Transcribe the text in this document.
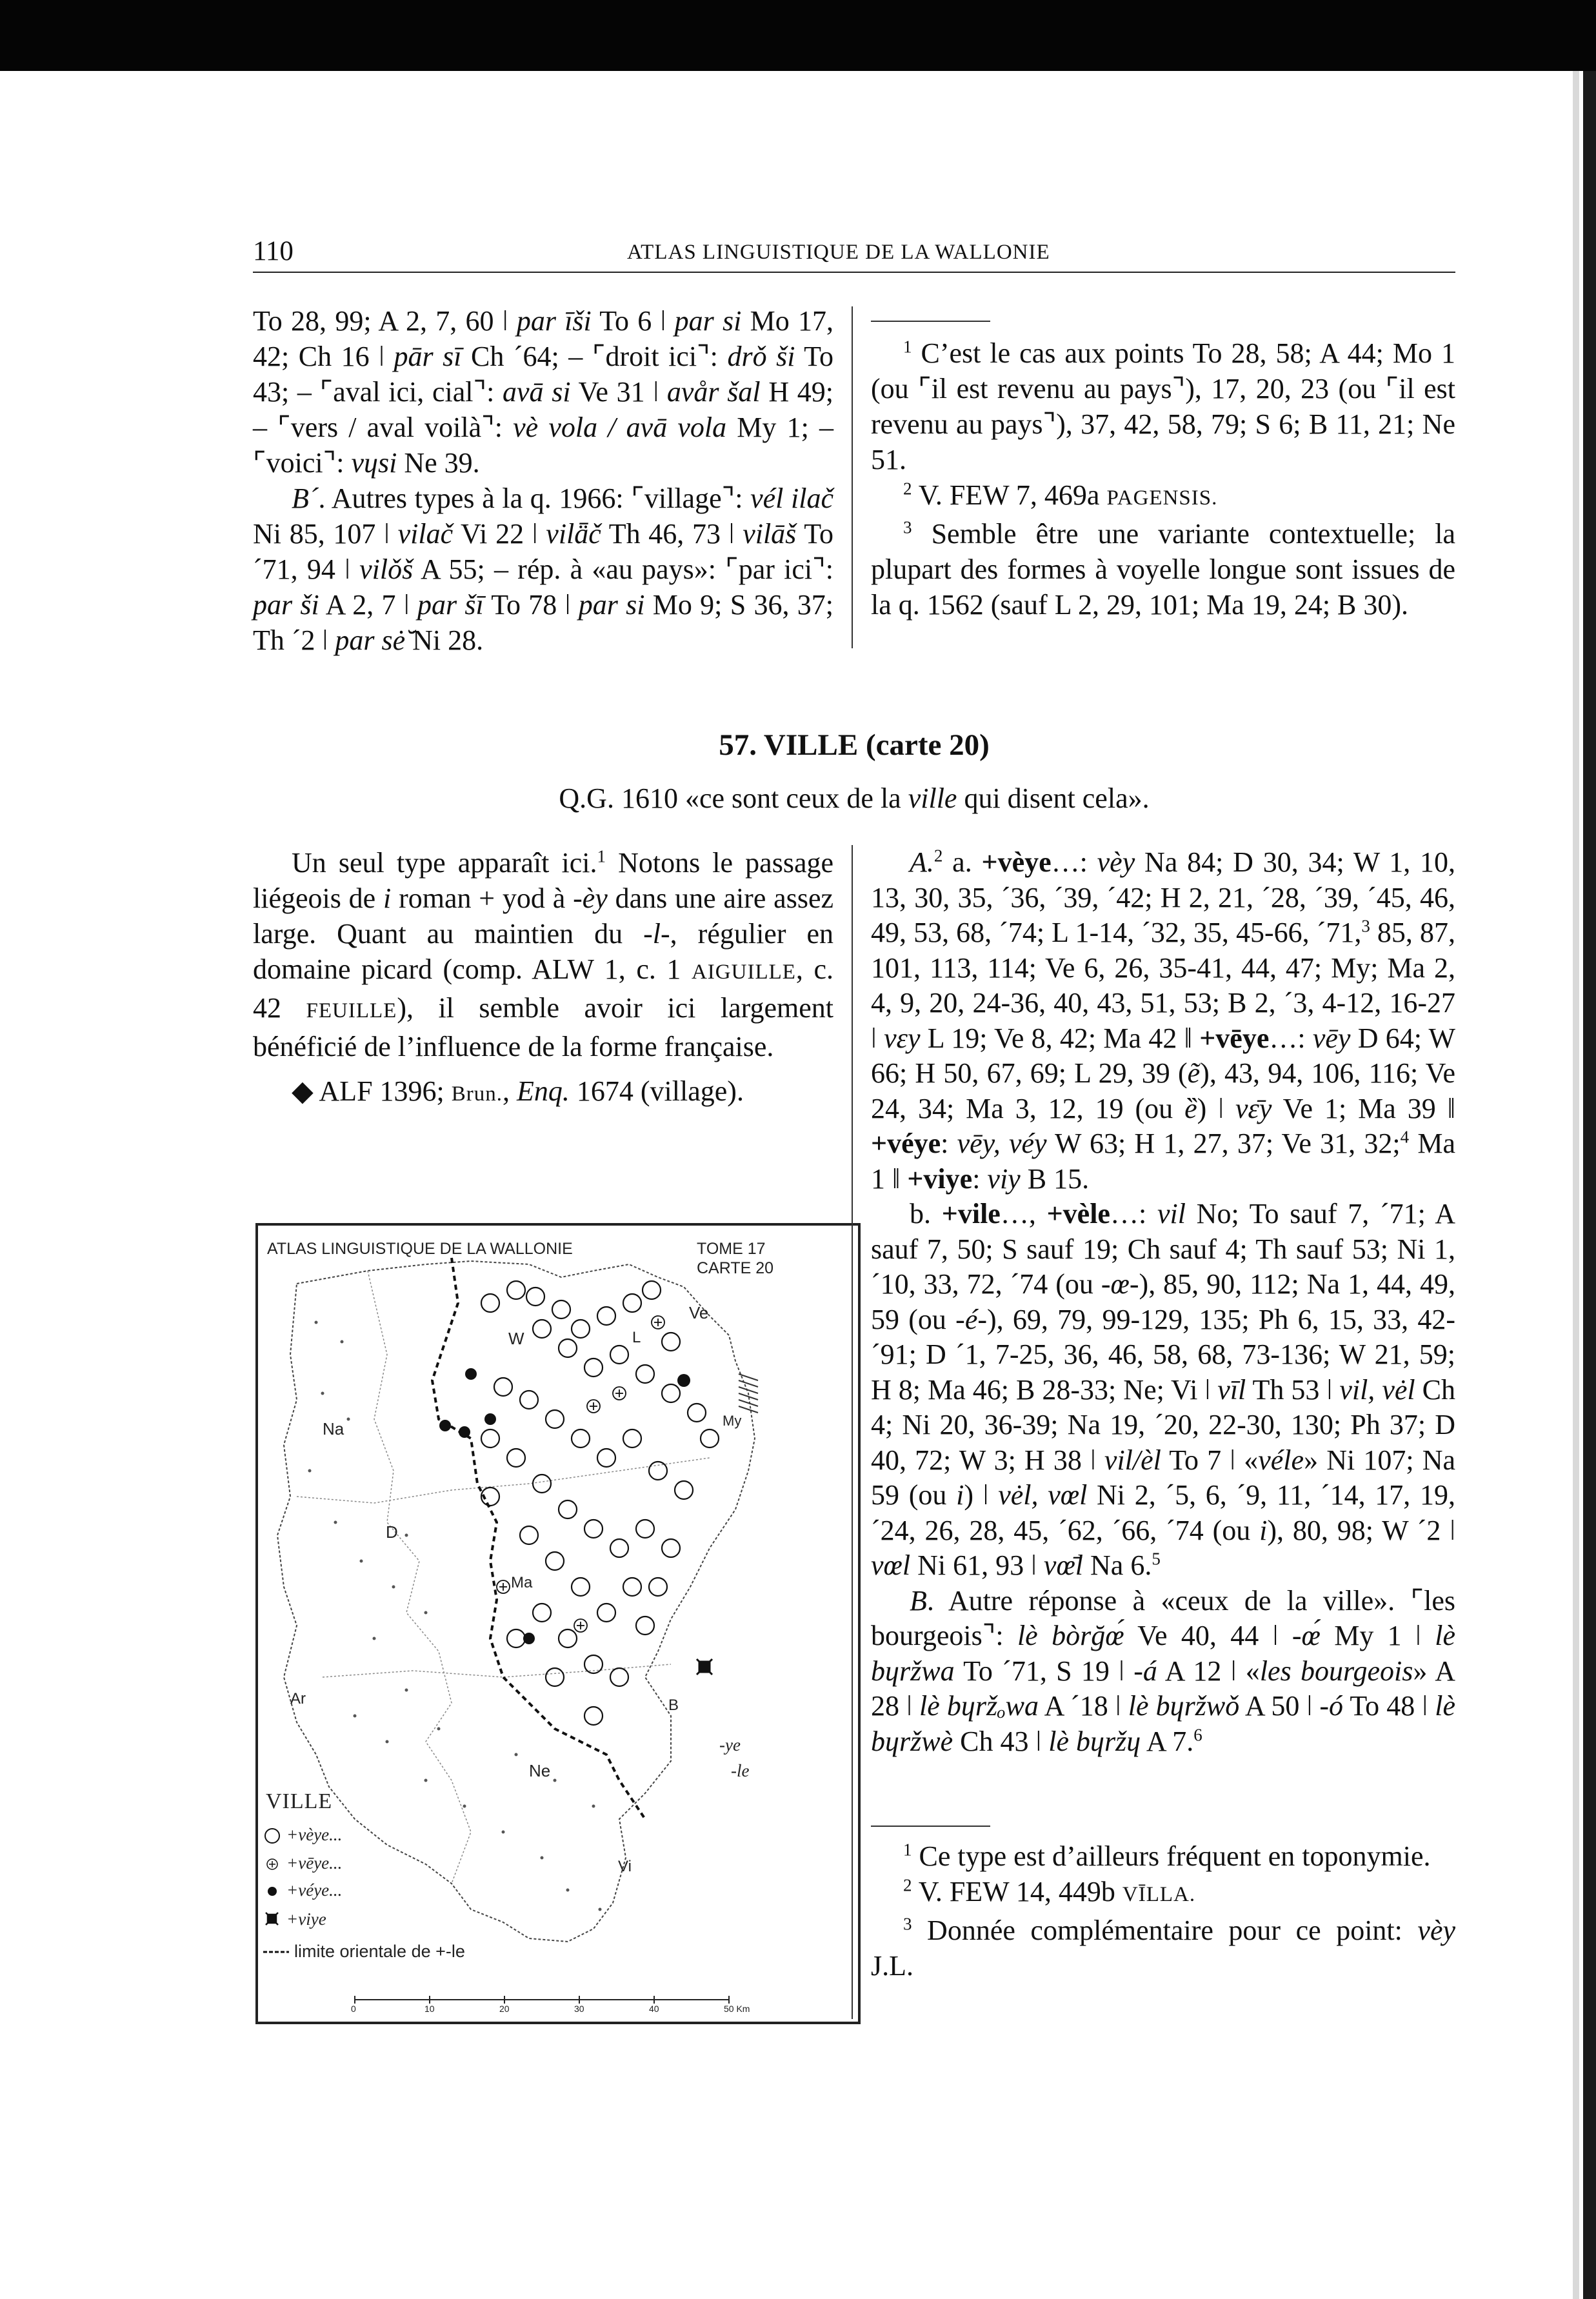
110	ATLAS LINGUISTIQUE DE LA WALLONIE

To 28, 99; A 2, 7, 60 ǀ par īši To 6 ǀ par si Mo 17, 42; Ch 16 ǀ pār sī Ch ´64; – ⌜droit ici⌝: drǒ ši To 43; – ⌜aval ici, cial⌝: avā si Ve 31 ǀ avår šal H 49; – ⌜vers / aval voilà⌝: vè vola / avā vola My 1; – ⌜voici⌝: vɥsi Ne 39.

B´. Autres types à la q. 1966: ⌜village⌝: vél ilač Ni 85, 107 ǀ vilač Vi 22 ǀ vilǟč Th 46, 73 ǀ vilāš To ´71, 94 ǀ vilǒš A 55; – rép. à «au pays»: ⌜par ici⌝: par ši A 2, 7 ǀ par šī To 78 ǀ par si Mo 9; S 36, 37; Th ´2 ǀ par sė̆ Ni 28.

$^1$ C’est le cas aux points To 28, 58; A 44; Mo 1 (ou ⌜il est revenu au pays⌝), 17, 20, 23 (ou ⌜il est revenu au pays⌝), 37, 42, 58, 79; S 6; B 11, 21; Ne 51.

$^2$ V. FEW 7, 469a PAGENSIS.

$^3$ Semble être une variante contextuelle; la plupart des formes à voyelle longue sont issues de la q. 1562 (sauf L 2, 29, 101; Ma 19, 24; B 30).

57. VILLE (carte 20)
Q.G. 1610 «ce sont ceux de la ville qui disent cela».

Un seul type apparaît ici.$^1$ Notons le passage liégeois de i roman + yod à -èy dans une aire assez large. Quant au maintien du -l-, régulier en domaine picard (comp. ALW 1, c. 1 AIGUILLE, c. 42 FEUILLE), il semble avoir ici largement bénéficié de l’influence de la forme française.

◆ ALF 1396; Brun., Enq. 1674 (village).

ATLAS LINGUISTIQUE DE LA WALLONIE	TOME 17
CARTE 20
W
Ve
Na	My
D
Ma
Ar	B
Ne
Vi
L
-ye
-le
VILLE
+vèye...
+vēye...
+véye...
+viye
limite orientale de +-le
0	10	20	30	40	50 Km

A.$^2$ a. +vèye…: vèy Na 84; D 30, 34; W 1, 10, 13, 30, 35, ´36, ´39, ´42; H 2, 21, ´28, ´39, ´45, 46, 49, 53, 68, ´74; L 1-14, ´32, 35, 45-66, ´71,$^3$ 85, 87, 101, 113, 114; Ve 6, 26, 35-41, 44, 47; My; Ma 2, 4, 9, 20, 24-36, 40, 43, 51, 53; B 2, ´3, 4-12, 16-27 ǀ vɛy L 19; Ve 8, 42; Ma 42 ǁ +vēye…: vēy D 64; W 66; H 50, 67, 69; L 29, 39 (ẽ), 43, 94, 106, 116; Ve 24, 34; Ma 3, 12, 19 (ou ȅ) ǀ vɛ̄y Ve 1; Ma 39 ǁ +véye: vēy, véy W 63; H 1, 27, 37; Ve 31, 32;$^4$ Ma 1 ǁ +viye: viy B 15.

b. +vile…, +vèle…: vil No; To sauf 7, ´71; A sauf 7, 50; S sauf 19; Ch sauf 4; Th sauf 53; Ni 1, ´10, 33, 72, ´74 (ou -œ-), 85, 90, 112; Na 1, 44, 49, 59 (ou -é-), 69, 79, 99-129, 135; Ph 6, 15, 33, 42-´91; D ´1, 7-25, 36, 46, 58, 68, 73-136; W 21, 59; H 8; Ma 46; B 28-33; Ne; Vi ǀ vīl Th 53 ǀ vil, vėl Ch 4; Ni 20, 36-39; Na 19, ´20, 22-30, 130; Ph 37; D 40, 72; W 3; H 38 ǀ vil/èl To 7 ǀ «véle» Ni 107; Na 59 (ou i) ǀ vėl, vœl Ni 2, ´5, 6, ´9, 11, ´14, 17, 19, ´24, 26, 28, 45, ´62, ´66, ´74 (ou i), 80, 98; W ´2 ǀ vœl Ni 61, 93 ǀ vœ̄l Na 6.$^5$

B. Autre réponse à «ceux de la ville». ⌜les bourgeois⌝: lè bòrğœ́ Ve 40, 44 ǀ -œ́ My 1 ǀ lè bɥržwa To ´71, S 19 ǀ -á A 12 ǀ «les bourgeois» A 28 ǀ lè bɥržₒwa A ´18 ǀ lè bɥržwǒ A 50 ǀ -ó To 48 ǀ lè bɥržwè Ch 43 ǀ lè bɥržɥ A 7.$^6$

$^1$ Ce type est d’ailleurs fréquent en toponymie.

$^2$ V. FEW 14, 449b VĪLLA.

$^3$ Donnée complémentaire pour ce point: vèy J.L.
